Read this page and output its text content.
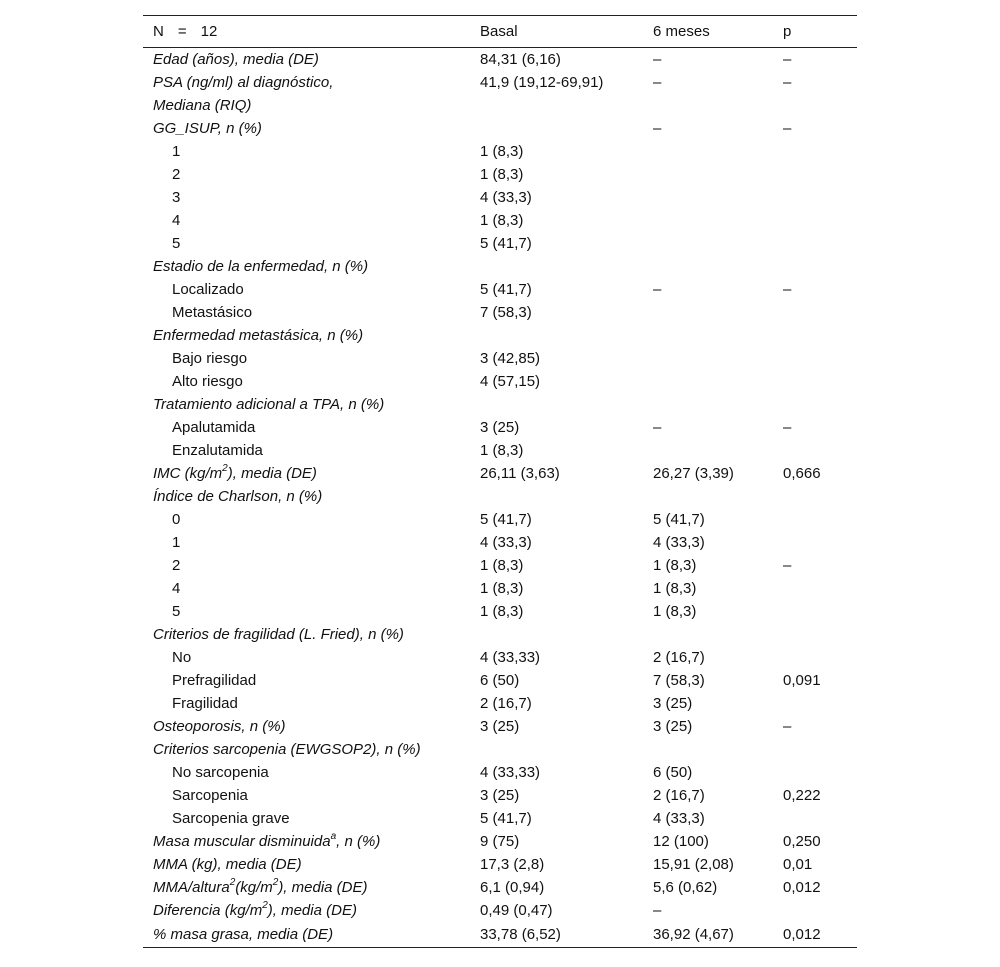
N = 12	Basal	6 meses	p
Edad (años), media (DE)	84,31 (6,16)	–	–
PSA (ng/ml) al diagnóstico,	41,9 (19,12-69,91)	–	–
Mediana (RIQ)			
GG_ISUP, n (%)		–	–
1	1 (8,3)		
2	1 (8,3)		
3	4 (33,3)		
4	1 (8,3)		
5	5 (41,7)		
Estadio de la enfermedad, n (%)			
Localizado	5 (41,7)	–	–
Metastásico	7 (58,3)		
Enfermedad metastásica, n (%)			
Bajo riesgo	3 (42,85)		
Alto riesgo	4 (57,15)		
Tratamiento adicional a TPA, n (%)			
Apalutamida	3 (25)	–	–
Enzalutamida	1 (8,3)		
IMC $(kg/m^2)$, media (DE)	26,11 (3,63)	26,27 (3,39)	0,666
Índice de Charlson, n (%)			
0	5 (41,7)	5 (41,7)	
1	4 (33,3)	4 (33,3)	
2	1 (8,3)	1 (8,3)	–
4	1 (8,3)	1 (8,3)	
5	1 (8,3)	1 (8,3)	
Criterios de fragilidad (L. Fried), n (%)			
No	4 (33,33)	2 (16,7)	
Prefragilidad	6 (50)	7 (58,3)	0,091
Fragilidad	2 (16,7)	3 (25)	
Osteoporosis, n (%)	3 (25)	3 (25)	–
Criterios sarcopenia (EWGSOP2), n (%)			
No sarcopenia	4 (33,33)	6 (50)	
Sarcopenia	3 (25)	2 (16,7)	0,222
Sarcopenia grave	5 (41,7)	4 (33,3)	
Masa muscular disminuida$^a$, n (%)	9 (75)	12 (100)	0,250
MMA (kg), media (DE)	17,3 (2,8)	15,91 (2,08)	0,01
MMA/$altura^2(kg/m^2)$, media (DE)	6,1 (0,94)	5,6 (0,62)	0,012
Diferencia $(kg/m^2)$, media (DE)	0,49 (0,47)	–	
% masa grasa, media (DE)	33,78 (6,52)	36,92 (4,67)	0,012
